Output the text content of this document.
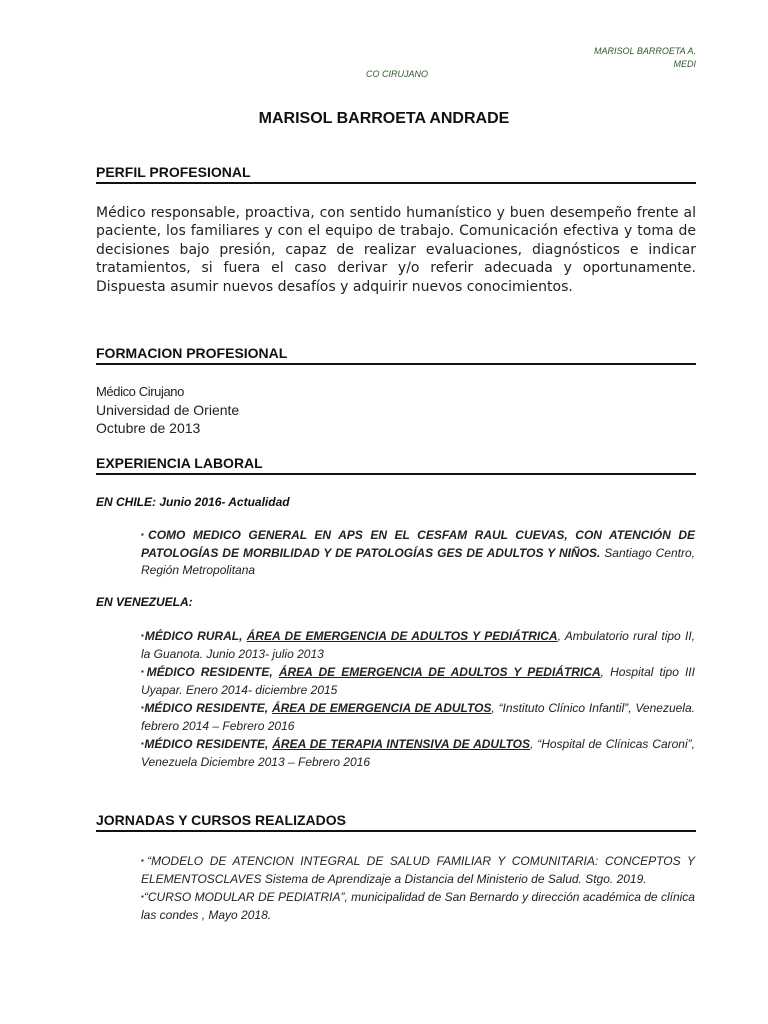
MARISOL BARROETA A.
MEDI
CO CIRUJANO
MARISOL BARROETA ANDRADE
PERFIL PROFESIONAL
Médico responsable, proactiva, con sentido humanístico y buen desempeño frente al paciente, los familiares y con el equipo de trabajo. Comunicación efectiva y toma de decisiones bajo presión, capaz de realizar evaluaciones, diagnósticos e indicar tratamientos, si fuera el caso derivar y/o referir adecuada y oportunamente. Dispuesta asumir nuevos desafíos y adquirir nuevos conocimientos.
FORMACION PROFESIONAL
Médico Cirujano
Universidad de Oriente
Octubre de 2013
EXPERIENCIA LABORAL
EN CHILE: Junio 2016- Actualidad

▪COMO MEDICO GENERAL EN APS EN EL CESFAM RAUL CUEVAS, CON ATENCIÓN DE PATOLOGÍAS DE MORBILIDAD Y DE PATOLOGÍAS GES DE ADULTOS Y NIÑOS. Santiago Centro, Región Metropolitana

EN VENEZUELA:

▪MÉDICO RURAL, ÁREA DE EMERGENCIA DE ADULTOS Y PEDIÁTRICA, Ambulatorio rural tipo II, la Guanota. Junio 2013- julio 2013

▪MÉDICO RESIDENTE, ÁREA DE EMERGENCIA DE ADULTOS Y PEDIÁTRICA, Hospital tipo III Uyapar. Enero 2014- diciembre 2015

▪MÉDICO RESIDENTE, ÁREA DE EMERGENCIA DE ADULTOS, “Instituto Clínico Infantil”, Venezuela. febrero 2014 – Febrero 2016

▪MÉDICO RESIDENTE, ÁREA DE TERAPIA INTENSIVA DE ADULTOS, “Hospital de Clínicas Caroni”, Venezuela Diciembre 2013 – Febrero 2016

JORNADAS Y CURSOS REALIZADOS

▪“MODELO DE ATENCION INTEGRAL DE SALUD FAMILIAR Y COMUNITARIA: CONCEPTOS Y ELEMENTOSCLAVES Sistema de Aprendizaje a Distancia del Ministerio de Salud. Stgo. 2019.

▪“CURSO MODULAR DE PEDIATRIA”, municipalidad de San Bernardo y dirección académica de clínica las condes , Mayo 2018.
